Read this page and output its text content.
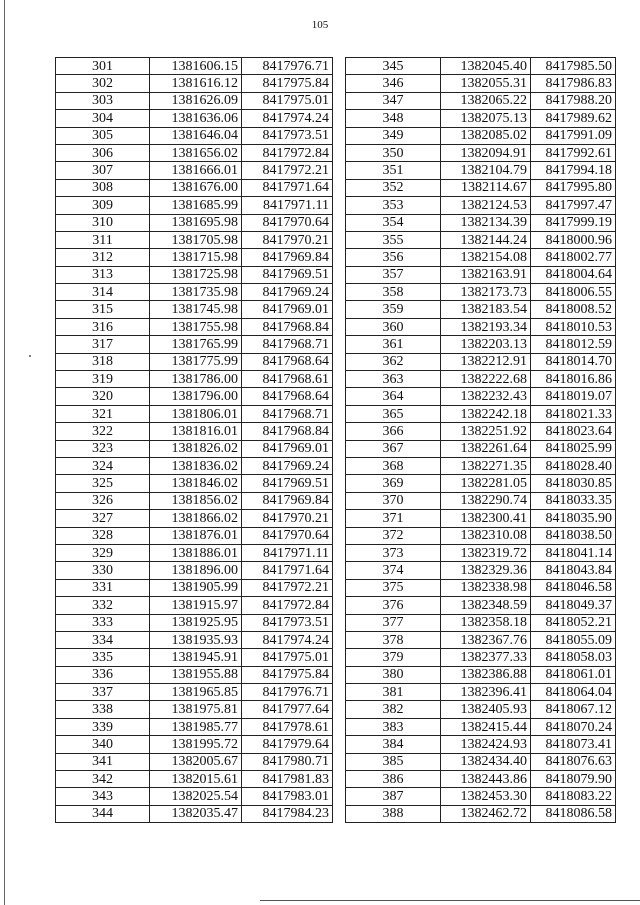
105
301	1381606.15	8417976.71
302	1381616.12	8417975.84
303	1381626.09	8417975.01
304	1381636.06	8417974.24
305	1381646.04	8417973.51
306	1381656.02	8417972.84
307	1381666.01	8417972.21
308	1381676.00	8417971.64
309	1381685.99	8417971.11
310	1381695.98	8417970.64
311	1381705.98	8417970.21
312	1381715.98	8417969.84
313	1381725.98	8417969.51
314	1381735.98	8417969.24
315	1381745.98	8417969.01
316	1381755.98	8417968.84
317	1381765.99	8417968.71
318	1381775.99	8417968.64
319	1381786.00	8417968.61
320	1381796.00	8417968.64
321	1381806.01	8417968.71
322	1381816.01	8417968.84
323	1381826.02	8417969.01
324	1381836.02	8417969.24
325	1381846.02	8417969.51
326	1381856.02	8417969.84
327	1381866.02	8417970.21
328	1381876.01	8417970.64
329	1381886.01	8417971.11
330	1381896.00	8417971.64
331	1381905.99	8417972.21
332	1381915.97	8417972.84
333	1381925.95	8417973.51
334	1381935.93	8417974.24
335	1381945.91	8417975.01
336	1381955.88	8417975.84
337	1381965.85	8417976.71
338	1381975.81	8417977.64
339	1381985.77	8417978.61
340	1381995.72	8417979.64
341	1382005.67	8417980.71
342	1382015.61	8417981.83
343	1382025.54	8417983.01
344	1382035.47	8417984.23
345	1382045.40	8417985.50
346	1382055.31	8417986.83
347	1382065.22	8417988.20
348	1382075.13	8417989.62
349	1382085.02	8417991.09
350	1382094.91	8417992.61
351	1382104.79	8417994.18
352	1382114.67	8417995.80
353	1382124.53	8417997.47
354	1382134.39	8417999.19
355	1382144.24	8418000.96
356	1382154.08	8418002.77
357	1382163.91	8418004.64
358	1382173.73	8418006.55
359	1382183.54	8418008.52
360	1382193.34	8418010.53
361	1382203.13	8418012.59
362	1382212.91	8418014.70
363	1382222.68	8418016.86
364	1382232.43	8418019.07
365	1382242.18	8418021.33
366	1382251.92	8418023.64
367	1382261.64	8418025.99
368	1382271.35	8418028.40
369	1382281.05	8418030.85
370	1382290.74	8418033.35
371	1382300.41	8418035.90
372	1382310.08	8418038.50
373	1382319.72	8418041.14
374	1382329.36	8418043.84
375	1382338.98	8418046.58
376	1382348.59	8418049.37
377	1382358.18	8418052.21
378	1382367.76	8418055.09
379	1382377.33	8418058.03
380	1382386.88	8418061.01
381	1382396.41	8418064.04
382	1382405.93	8418067.12
383	1382415.44	8418070.24
384	1382424.93	8418073.41
385	1382434.40	8418076.63
386	1382443.86	8418079.90
387	1382453.30	8418083.22
388	1382462.72	8418086.58
